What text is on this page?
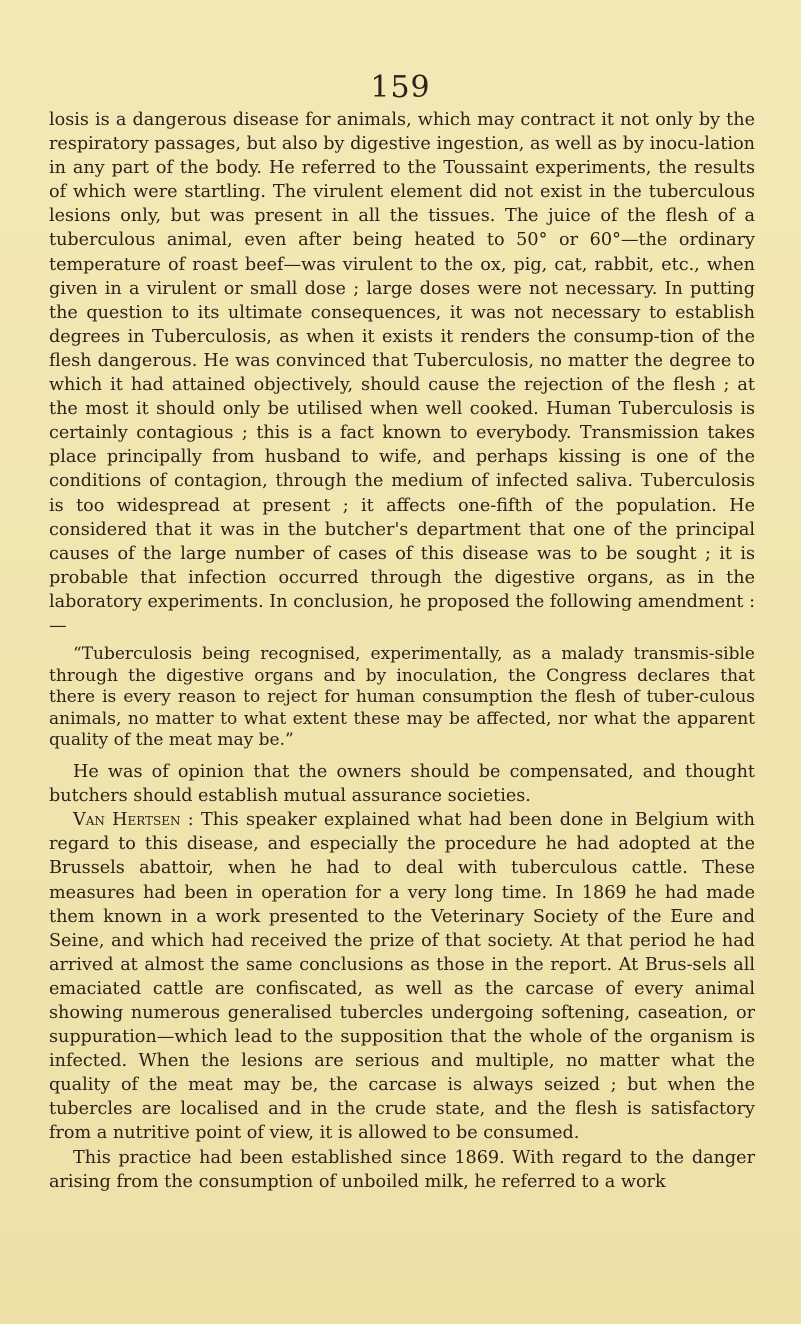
159

losis is a dangerous disease for animals, which may contract it not only by the respiratory passages, but also by digestive ingestion, as well as by inocu-lation in any part of the body. He referred to the Toussaint experiments, the results of which were startling. The virulent element did not exist in the tuberculous lesions only, but was present in all the tissues. The juice of the flesh of a tuberculous animal, even after being heated to 50° or 60°—the ordinary temperature of roast beef—was virulent to the ox, pig, cat, rabbit, etc., when given in a virulent or small dose ; large doses were not necessary. In putting the question to its ultimate consequences, it was not necessary to establish degrees in Tuberculosis, as when it exists it renders the consump-tion of the flesh dangerous. He was convinced that Tuberculosis, no matter the degree to which it had attained objectively, should cause the rejection of the flesh ; at the most it should only be utilised when well cooked. Human Tuberculosis is certainly contagious ; this is a fact known to everybody. Transmission takes place principally from husband to wife, and perhaps kissing is one of the conditions of contagion, through the medium of infected saliva. Tuberculosis is too widespread at present ; it affects one-fifth of the population. He considered that it was in the butcher's department that one of the principal causes of the large number of cases of this disease was to be sought ; it is probable that infection occurred through the digestive organs, as in the laboratory experiments. In conclusion, he proposed the following amendment :—

“Tuberculosis being recognised, experimentally, as a malady transmis-sible through the digestive organs and by inoculation, the Congress declares that there is every reason to reject for human consumption the flesh of tuber-culous animals, no matter to what extent these may be affected, nor what the apparent quality of the meat may be.”

He was of opinion that the owners should be compensated, and thought butchers should establish mutual assurance societies.

Van Hertsen : This speaker explained what had been done in Belgium with regard to this disease, and especially the procedure he had adopted at the Brussels abattoir, when he had to deal with tuberculous cattle. These measures had been in operation for a very long time. In 1869 he had made them known in a work presented to the Veterinary Society of the Eure and Seine, and which had received the prize of that society. At that period he had arrived at almost the same conclusions as those in the report. At Brus-sels all emaciated cattle are confiscated, as well as the carcase of every animal showing numerous generalised tubercles undergoing softening, caseation, or suppuration—which lead to the supposition that the whole of the organism is infected. When the lesions are serious and multiple, no matter what the quality of the meat may be, the carcase is always seized ; but when the tubercles are localised and in the crude state, and the flesh is satisfactory from a nutritive point of view, it is allowed to be consumed.

This practice had been established since 1869. With regard to the danger arising from the consumption of unboiled milk, he referred to a work
